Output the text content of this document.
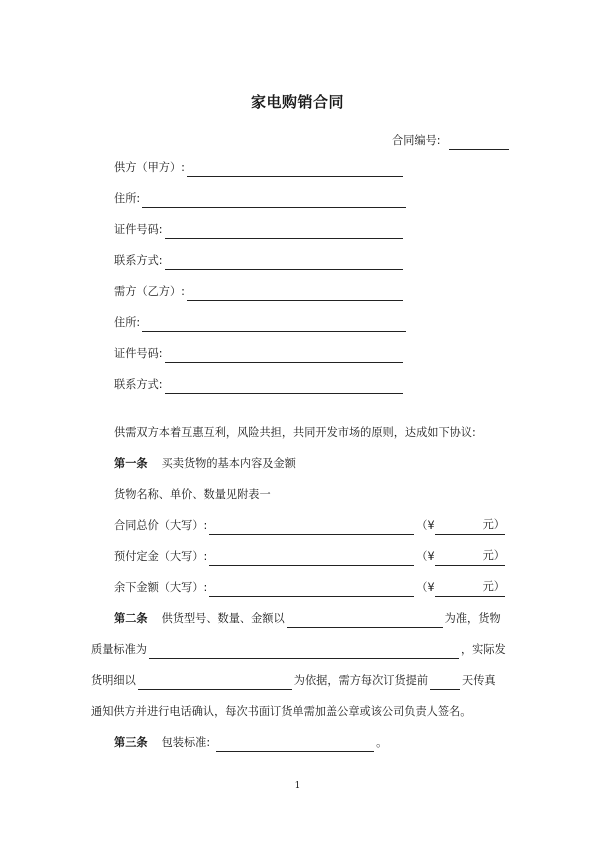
家电购销合同
合同编号:
供方（甲方）:
住所:
证件号码:
联系方式:
需方（乙方）:
住所:
证件号码:
联系方式:
供需双方本着互惠互利，风险共担，共同开发市场的原则，达成如下协议:
第一条 买卖货物的基本内容及金额
货物名称、单价、数量见附表一
合同总价（大写）:	（¥	元）
预付定金（大写）:	（¥	元）
余下金额（大写）:	（¥	元）
第二条 供货型号、数量、金额以	为准，货物
质量标准为	，实际发
货明细以	为依据，需方每次订货提前	天传真
通知供方并进行电话确认，每次书面订货单需加盖公章或该公司负责人签名。
第三条 包装标准:	。
1
